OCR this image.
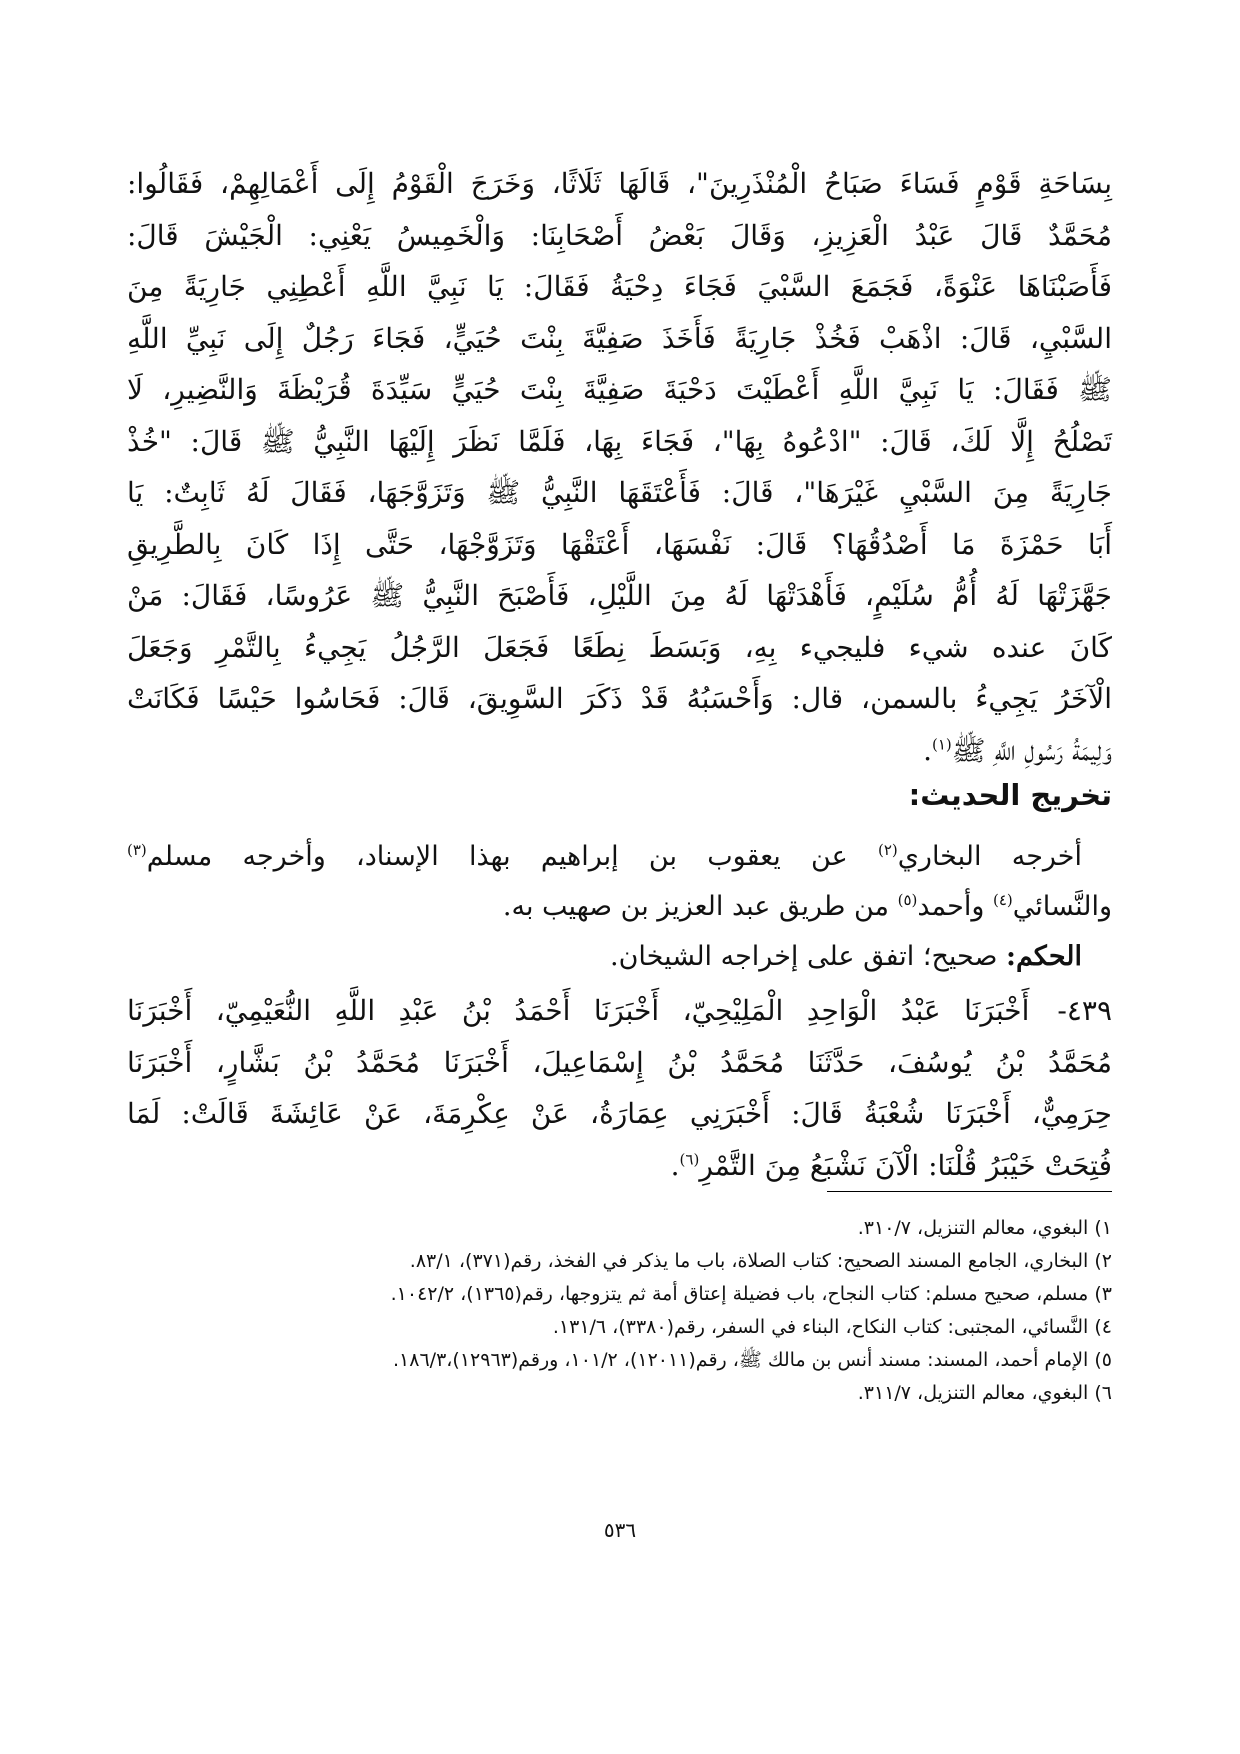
بِسَاحَةِ قَوْمٍ فَسَاءَ صَبَاحُ الْمُنْذَرِينَ"، قَالَهَا ثَلَاثًا، وَخَرَجَ الْقَوْمُ إِلَى أَعْمَالِهِمْ، فَقَالُوا:

مُحَمَّدٌ قَالَ عَبْدُ الْعَزِيزِ، وَقَالَ بَعْضُ أَصْحَابِنَا: وَالْخَمِيسُ يَعْنِي: الْجَيْشَ قَالَ:

فَأَصَبْنَاهَا عَنْوَةً، فَجَمَعَ السَّبْيَ فَجَاءَ دِحْيَةُ فَقَالَ: يَا نَبِيَّ اللَّهِ أَعْطِنِي جَارِيَةً مِنَ

السَّبْيِ، قَالَ: اذْهَبْ فَخُذْ جَارِيَةً فَأَخَذَ صَفِيَّةَ بِنْتَ حُيَيٍّ، فَجَاءَ رَجُلٌ إِلَى نَبِيِّ اللَّهِ

ﷺ فَقَالَ: يَا نَبِيَّ اللَّهِ أَعْطَيْتَ دَحْيَةَ صَفِيَّةَ بِنْتَ حُيَيٍّ سَيِّدَةَ قُرَيْظَةَ وَالنَّضِيرِ، لَا

تَصْلُحُ إِلَّا لَكَ، قَالَ: "ادْعُوهُ بِهَا"، فَجَاءَ بِهَا، فَلَمَّا نَظَرَ إِلَيْهَا النَّبِيُّ ﷺ قَالَ: "خُذْ

جَارِيَةً مِنَ السَّبْيِ غَيْرَهَا"، قَالَ: فَأَعْتَقَهَا النَّبِيُّ ﷺ وَتَزَوَّجَهَا، فَقَالَ لَهُ ثَابِتٌ: يَا

أَبَا حَمْزَةَ مَا أَصْدُقُهَا؟ قَالَ: نَفْسَهَا، أَعْتَقْهَا وَتَزَوَّجْهَا، حَتَّى إِذَا كَانَ بِالطَّرِيقِ

جَهَّزَتْهَا لَهُ أُمُّ سُلَيْمٍ، فَأَهْدَتْهَا لَهُ مِنَ اللَّيْلِ، فَأَصْبَحَ النَّبِيُّ ﷺ عَرُوسًا، فَقَالَ: مَنْ

كَانَ عنده شيء فليجيء بِهِ، وَبَسَطَ نِطَعًا فَجَعَلَ الرَّجُلُ يَجِيءُ بِالتَّمْرِ وَجَعَلَ

الْآخَرُ يَجِيءُ بالسمن، قال: وَأَحْسَبُهُ قَدْ ذَكَرَ السَّوِيقَ، قَالَ: فَحَاسُوا حَيْسًا فَكَانَتْ

وَلِيمَةُ رَسُولِ اللَّهِ ﷺ$^{(١)}$.

تخريج الحديث:

أخرجه البخاري$^{(٢)}$ عن يعقوب بن إبراهيم بهذا الإسناد، وأخرجه مسلم$^{(٣)}$

والنَّسائي$^{(٤)}$ وأحمد$^{(٥)}$ من طريق عبد العزيز بن صهيب به.

الحكم: صحيح؛ اتفق على إخراجه الشيخان.

٤٣٩-أَخْبَرَنَا عَبْدُ الْوَاحِدِ الْمَلِيْحِيّ، أَخْبَرَنَا أَحْمَدُ بْنُ عَبْدِ اللَّهِ النُّعَيْمِيّ، أَخْبَرَنَا

مُحَمَّدُ بْنُ يُوسُفَ، حَدَّثَنَا مُحَمَّدُ بْنُ إِسْمَاعِيلَ، أَخْبَرَنَا مُحَمَّدُ بْنُ بَشَّارٍ، أَخْبَرَنَا

حِرَمِيٌّ، أَخْبَرَنَا شُعْبَةُ قَالَ: أَخْبَرَنِي عِمَارَةُ، عَنْ عِكْرِمَةَ، عَنْ عَائِشَةَ قَالَتْ: لَمَا

فُتِحَتْ خَيْبَرُ قُلْنَا: الْآنَ نَشْبَعُ مِنَ التَّمْرِ$^{(٦)}$.

١) البغوي، معالم التنزيل، ٣١٠/٧.

٢) البخاري، الجامع المسند الصحيح: كتاب الصلاة، باب ما يذكر في الفخذ، رقم(٣٧١)، ٨٣/١.

٣) مسلم، صحيح مسلم: كتاب النجاح، باب فضيلة إعتاق أمة ثم يتزوجها، رقم(١٣٦٥)، ١٠٤٢/٢.

٤) النَّسائي، المجتبى: كتاب النكاح، البناء في السفر، رقم(٣٣٨٠)، ١٣١/٦.

٥) الإمام أحمد، المسند: مسند أنس بن مالك ﷺ، رقم(١٢٠١١)، ١٠١/٢، ورقم(١٢٩٦٣)،١٨٦/٣.

٦) البغوي، معالم التنزيل، ٣١١/٧.

٥٣٦
